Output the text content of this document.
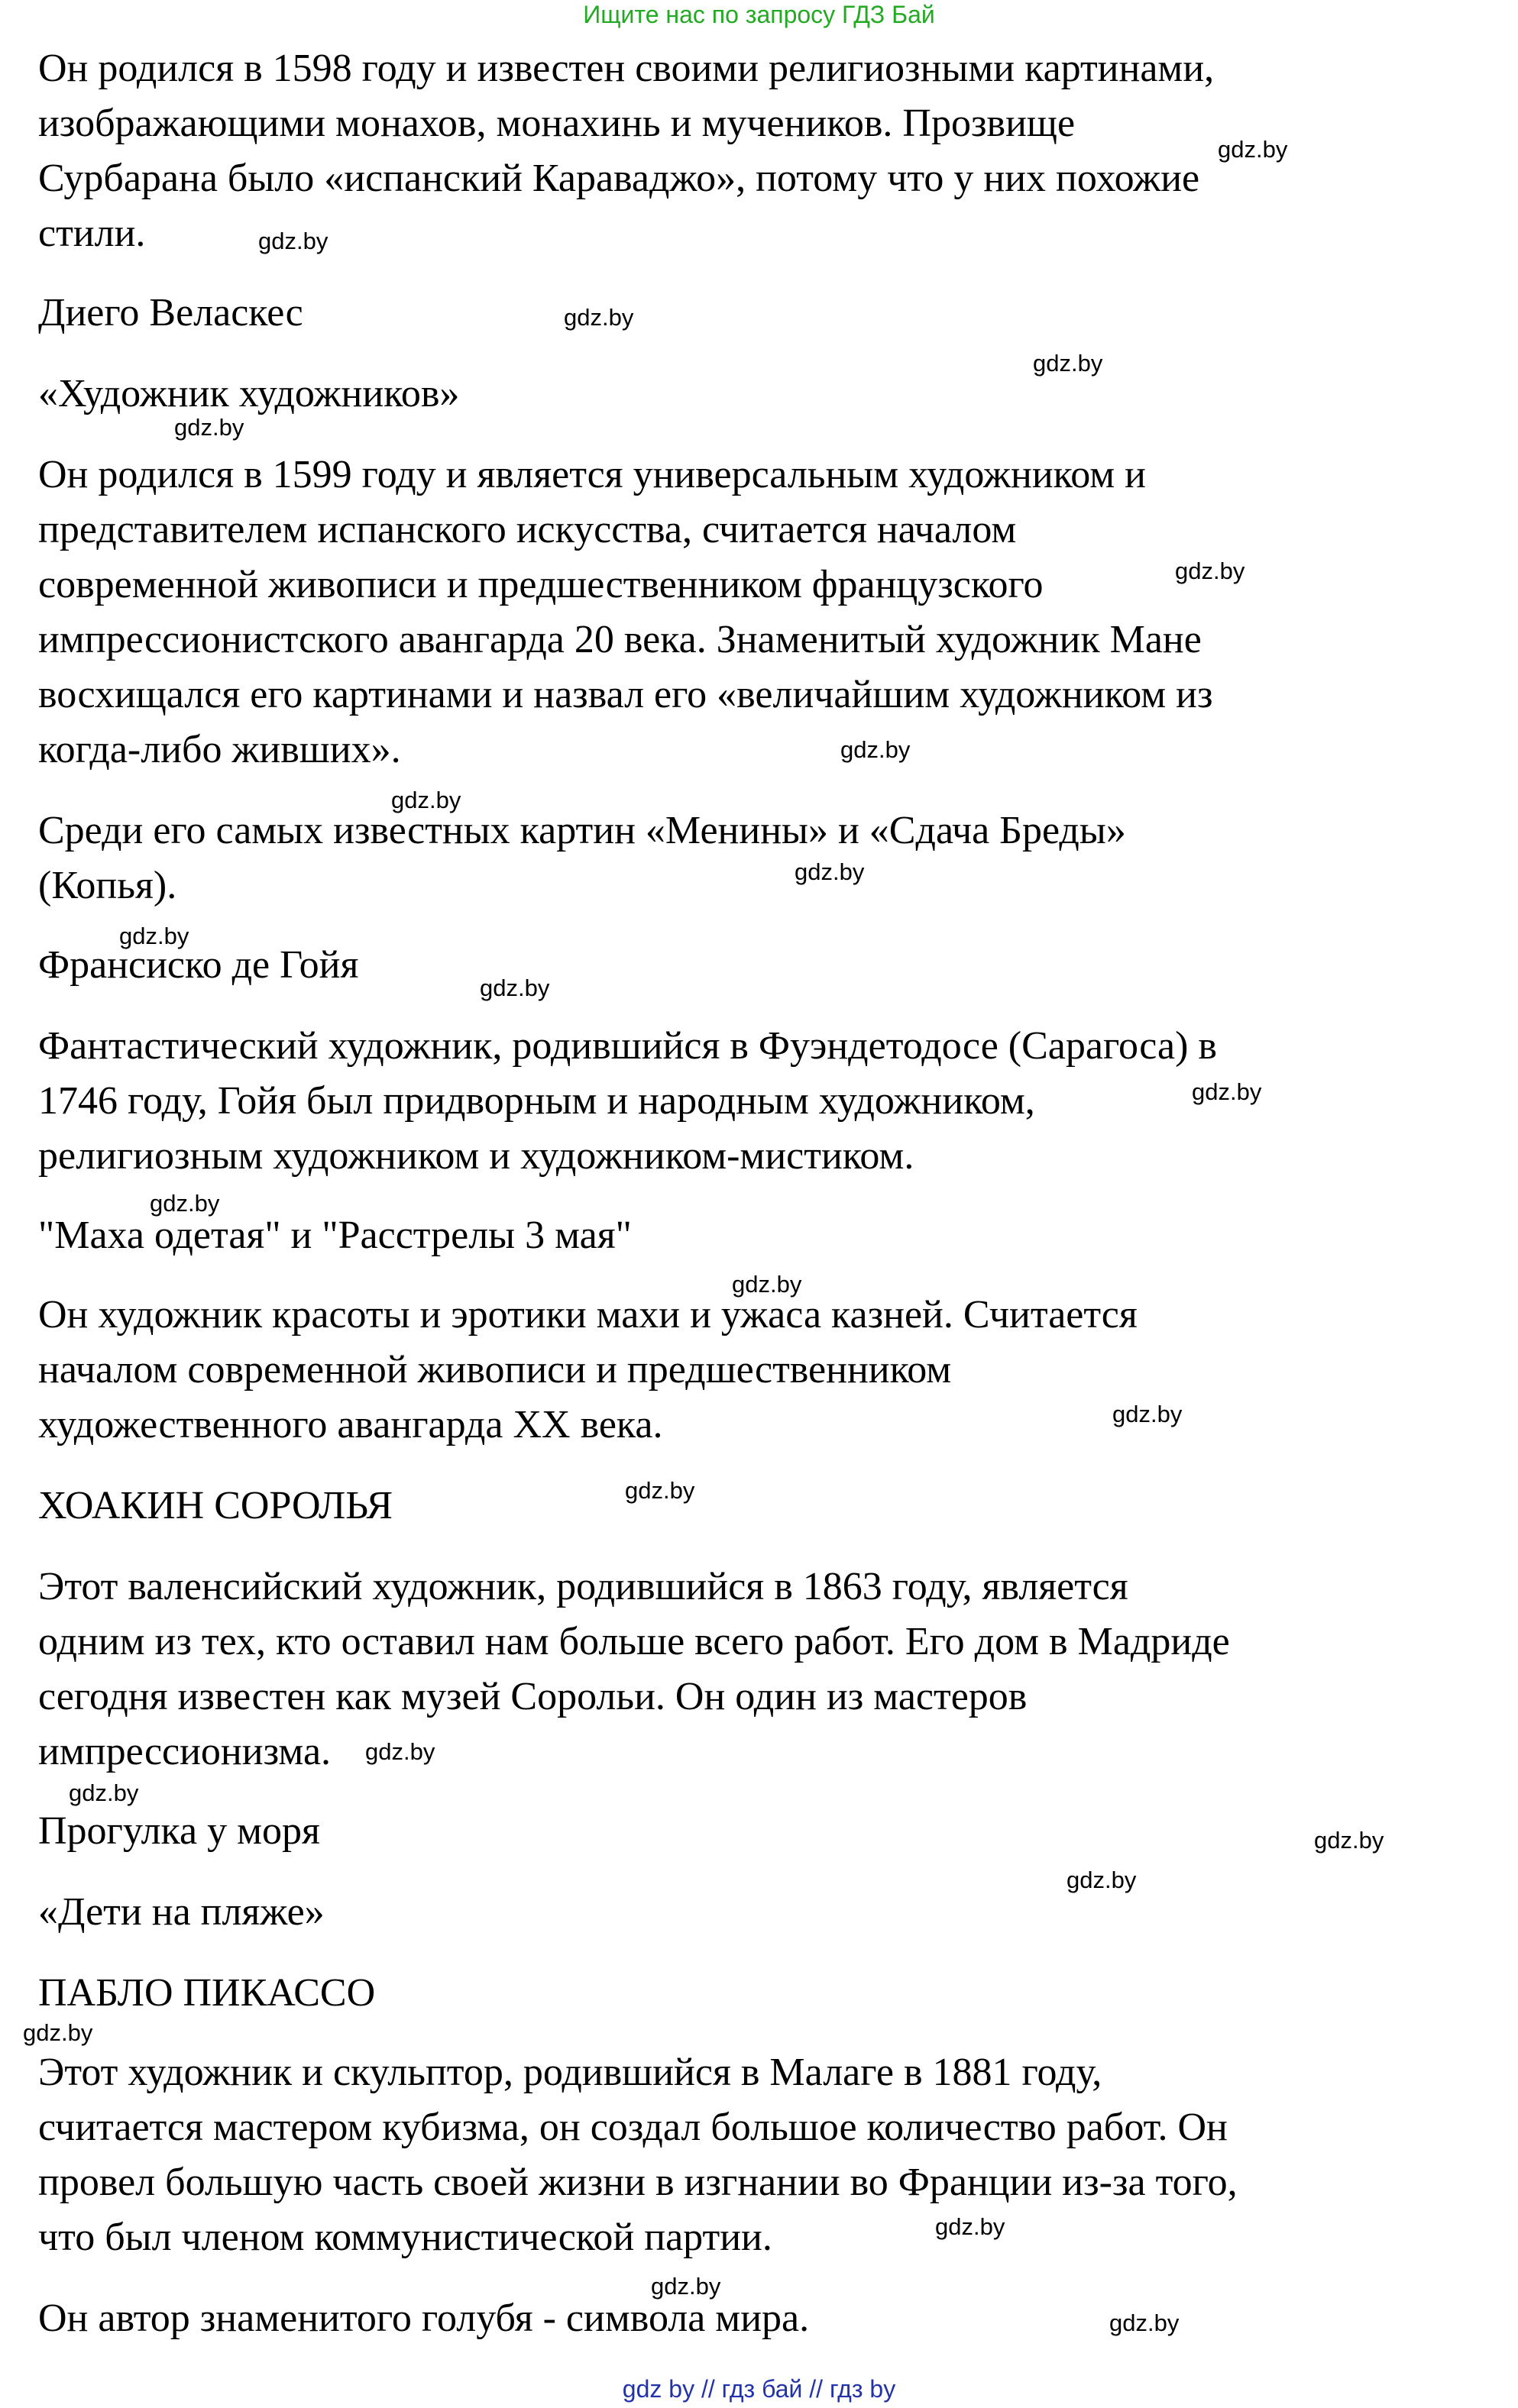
Ищите нас по запросу ГДЗ Бай
Он родился в 1598 году и известен своими религиозными картинами,
изображающими монахов, монахинь и мучеников. Прозвище
Сурбарана было «испанский Караваджо», потому что у них похожие
стили.
Диего Веласкес
«Художник художников»
Он родился в 1599 году и является универсальным художником и
представителем испанского искусства, считается началом
современной живописи и предшественником французского
импрессионистского авангарда 20 века. Знаменитый художник Мане
восхищался его картинами и назвал его «величайшим художником из
когда-либо живших».
Среди его самых известных картин «Менины» и «Сдача Бреды»
(Копья).
Франсиско де Гойя
Фантастический художник, родившийся в Фуэндетодосе (Сарагоса) в
1746 году, Гойя был придворным и народным художником,
религиозным художником и художником-мистиком.
"Маха одетая" и "Расстрелы 3 мая"
Он художник красоты и эротики махи и ужаса казней. Считается
началом современной живописи и предшественником
художественного авангарда XX века.
ХОАКИН СОРОЛЬЯ
Этот валенсийский художник, родившийся в 1863 году, является
одним из тех, кто оставил нам больше всего работ. Его дом в Мадриде
сегодня известен как музей Сорольи. Он один из мастеров
импрессионизма.
Прогулка у моря
«Дети на пляже»
ПАБЛО ПИКАССО
Этот художник и скульптор, родившийся в Малаге в 1881 году,
считается мастером кубизма, он создал большое количество работ. Он
провел большую часть своей жизни в изгнании во Франции из-за того,
что был членом коммунистической партии.
Он автор знаменитого голубя - символа мира.
gdz.by
gdz.by
gdz.by
gdz.by
gdz.by
gdz.by
gdz.by
gdz.by
gdz.by
gdz.by
gdz.by
gdz.by
gdz.by
gdz.by
gdz.by
gdz.by
gdz.by
gdz.by
gdz.by
gdz.by
gdz.by
gdz.by
gdz.by
gdz.by
gdz by // гдз бай // гдз by
